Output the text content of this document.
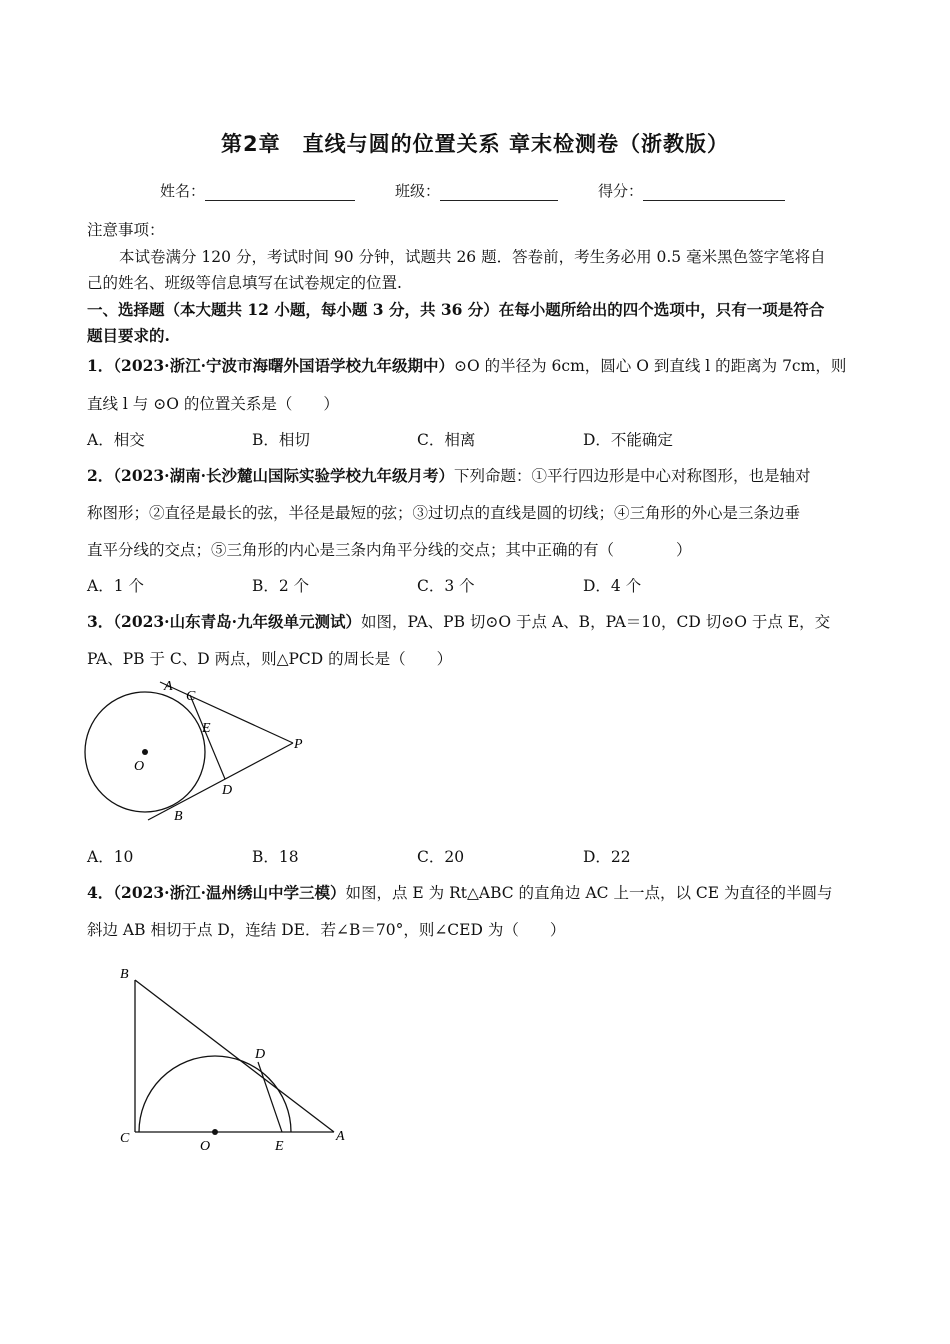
第2章　直线与圆的位置关系 章末检测卷（浙教版）
姓名：	班级：	得分：
注意事项：
本试卷满分 120 分，考试时间 90 分钟，试题共 26 题．答卷前，考生务必用 0.5 毫米黑色签字笔将自
己的姓名、班级等信息填写在试卷规定的位置.
一、选择题（本大题共 12 小题，每小题 3 分，共 36 分）在每小题所给出的四个选项中，只有一项是符合
题目要求的.
1．（2023·浙江·宁波市海曙外国语学校九年级期中）⊙O 的半径为 6cm，圆心 O 到直线 l 的距离为 7cm，则
直线 l 与 ⊙O 的位置关系是（　　）
A．相交	B．相切	C．相离	D．不能确定
2．（2023·湖南·长沙麓山国际实验学校九年级月考）下列命题：①平行四边形是中心对称图形，也是轴对
称图形；②直径是最长的弦，半径是最短的弦；③过切点的直线是圆的切线；④三角形的外心是三条边垂
直平分线的交点；⑤三角形的内心是三条内角平分线的交点；其中正确的有（　　　　）
A．1 个	B．2 个	C．3 个	D．4 个
3．（2023·山东青岛·九年级单元测试）如图，PA、PB 切⊙O 于点 A、B，PA＝10，CD 切⊙O 于点 E，交
PA、PB 于 C、D 两点，则△PCD 的周长是（　　）
A
C
E
P
O
D
B
A．10	B．18	C．20	D．22
4．（2023·浙江·温州绣山中学三模）如图，点 E 为 Rt△ABC 的直角边 AC 上一点，以 CE 为直径的半圆与
斜边 AB 相切于点 D，连结 DE．若∠B＝70°，则∠CED 为（　　）
B
D
C
O	E
A
